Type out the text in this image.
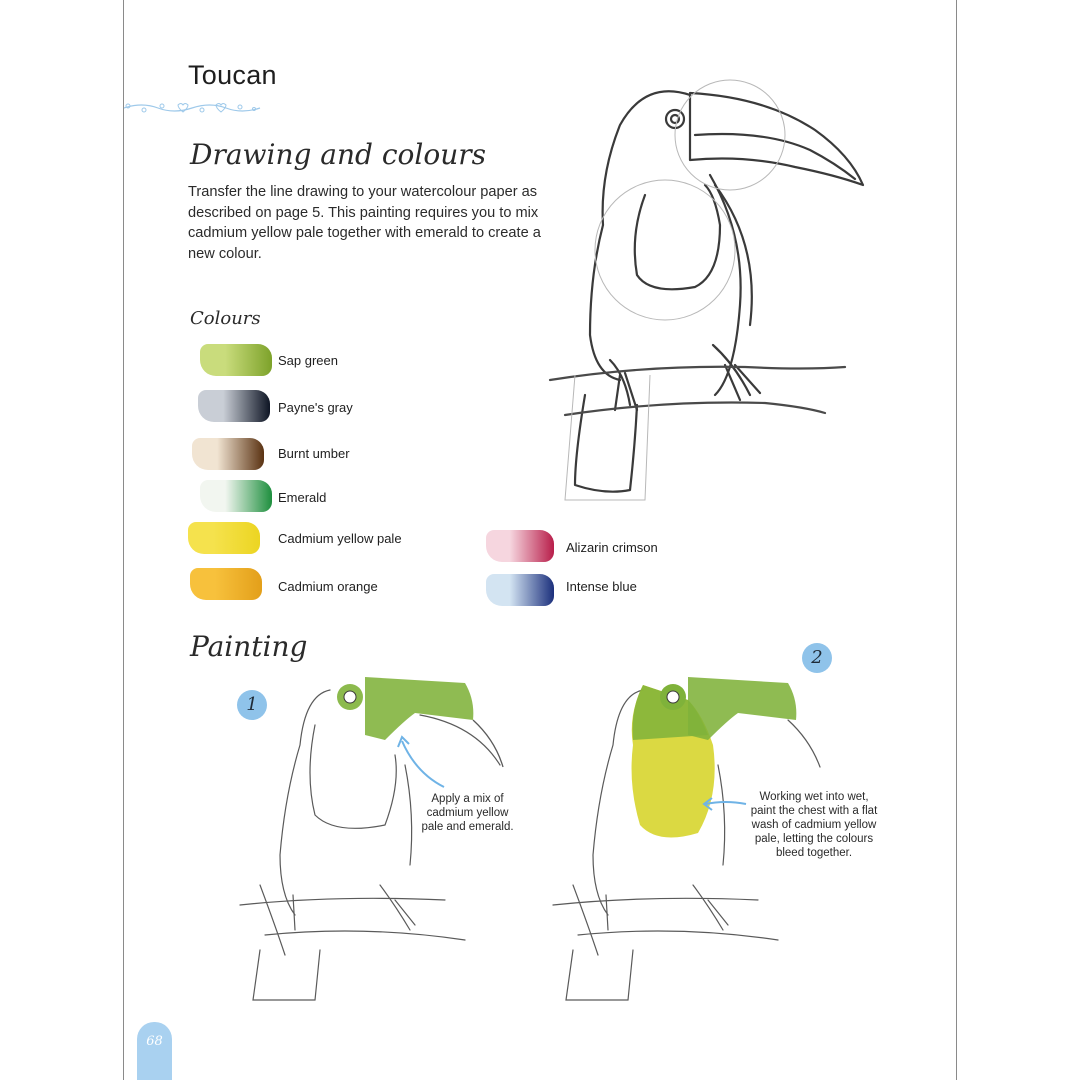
Toucan
Drawing and colours
Transfer the line drawing to your watercolour paper as described on page 5. This painting requires you to mix cadmium yellow pale together with emerald to create a new colour.
Colours
Sap green
Payne's gray
Burnt umber
Emerald
Cadmium yellow pale
Cadmium orange
Alizarin crimson
Intense blue
Painting
1
Apply a mix of
cadmium yellow
pale and emerald.
2
Working wet into wet,
paint the chest with a flat
wash of cadmium yellow
pale, letting the colours
bleed together.
68
